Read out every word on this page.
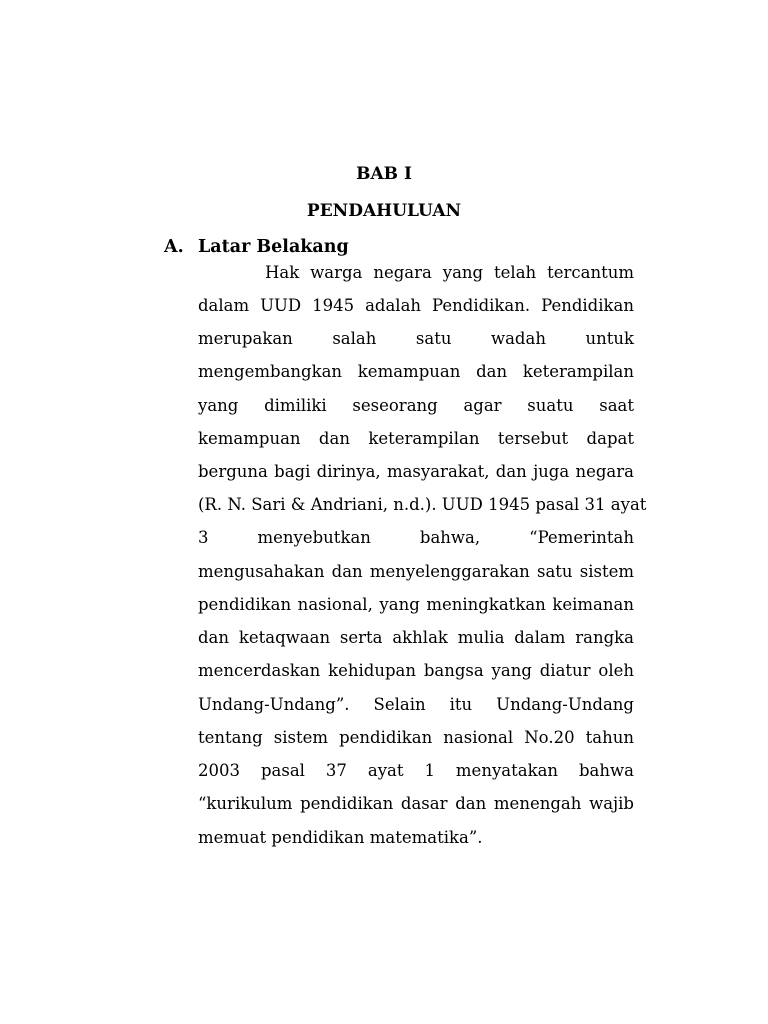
BAB I
PENDAHULUAN
A. Latar Belakang
Hak warga negara yang telah tercantum
dalam UUD 1945 adalah Pendidikan. Pendidikan
merupakan salah satu wadah untuk
mengembangkan kemampuan dan keterampilan
yang dimiliki seseorang agar suatu saat
kemampuan dan keterampilan tersebut dapat
berguna bagi dirinya, masyarakat, dan juga negara
(R. N. Sari & Andriani, n.d.). UUD 1945 pasal 31 ayat
3 menyebutkan bahwa, “Pemerintah
mengusahakan dan menyelenggarakan satu sistem
pendidikan nasional, yang meningkatkan keimanan
dan ketaqwaan serta akhlak mulia dalam rangka
mencerdaskan kehidupan bangsa yang diatur oleh
Undang-Undang”. Selain itu Undang-Undang
tentang sistem pendidikan nasional No.20 tahun
2003 pasal 37 ayat 1 menyatakan bahwa
“kurikulum pendidikan dasar dan menengah wajib
memuat pendidikan matematika”.
